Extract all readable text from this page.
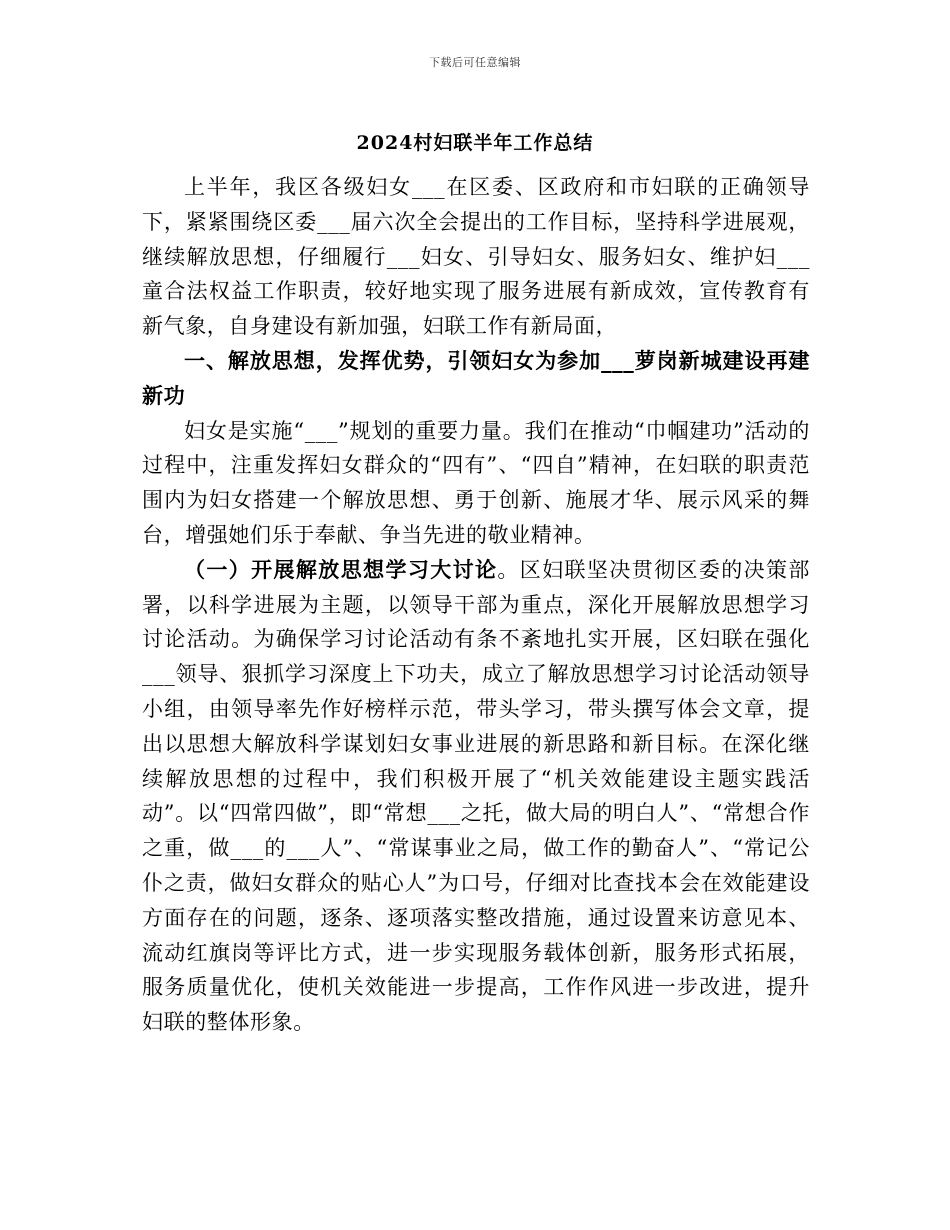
下载后可任意编辑
2024村妇联半年工作总结

上半年，我区各级妇女___在区委、区政府和市妇联的正确领导下，紧紧围绕区委___届六次全会提出的工作目标，坚持科学进展观，继续解放思想，仔细履行___妇女、引导妇女、服务妇女、维护妇___童合法权益工作职责，较好地实现了服务进展有新成效，宣传教育有新气象，自身建设有新加强，妇联工作有新局面，

一、解放思想，发挥优势，引领妇女为参加___萝岗新城建设再建新功

妇女是实施“___”规划的重要力量。我们在推动“巾帼建功”活动的过程中，注重发挥妇女群众的“四有”、“四自”精神，在妇联的职责范围内为妇女搭建一个解放思想、勇于创新、施展才华、展示风采的舞台，增强她们乐于奉献、争当先进的敬业精神。

（一）开展解放思想学习大讨论。区妇联坚决贯彻区委的决策部署，以科学进展为主题，以领导干部为重点，深化开展解放思想学习讨论活动。为确保学习讨论活动有条不紊地扎实开展，区妇联在强化___领导、狠抓学习深度上下功夫，成立了解放思想学习讨论活动领导小组，由领导率先作好榜样示范，带头学习，带头撰写体会文章，提出以思想大解放科学谋划妇女事业进展的新思路和新目标。在深化继续解放思想的过程中，我们积极开展了“机关效能建设主题实践活动”。以“四常四做”，即“常想___之托，做大局的明白人”、“常想合作之重，做___的___人”、“常谋事业之局，做工作的勤奋人”、“常记公仆之责，做妇女群众的贴心人”为口号，仔细对比查找本会在效能建设方面存在的问题，逐条、逐项落实整改措施，通过设置来访意见本、流动红旗岗等评比方式，进一步实现服务载体创新，服务形式拓展，服务质量优化，使机关效能进一步提高，工作作风进一步改进，提升妇联的整体形象。
